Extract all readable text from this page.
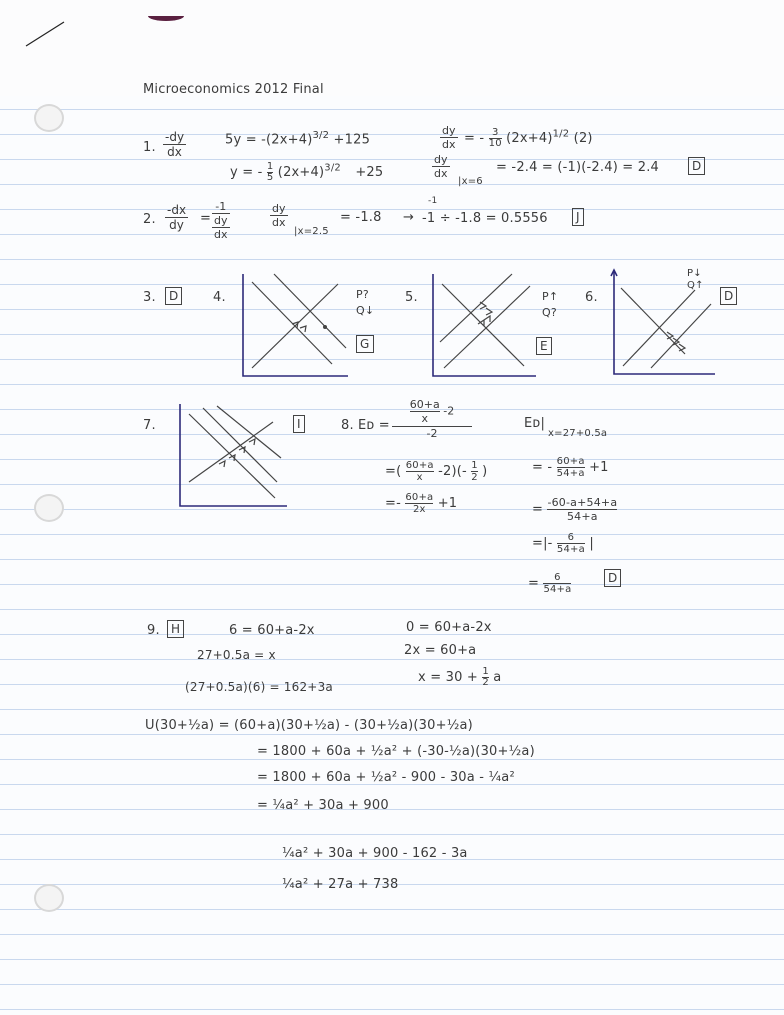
Microeconomics 2012 Final
1. $\frac{-dy}{dx}$	$5y = -(2x+4)^{3/2} +125$
y = - $\frac{1}{5} (2x+4)^{3/2} +25$
$\frac{dy}{dx}$ = - $\frac{3}{10} (2x+4)^{1/2}$ (2)
$\frac{dy}{dx}$
|x=6
= -2.4 = (-1)(-2.4) = 2.4	D
2. $\frac{-dx}{dy}$ =
-1
dy
dx
$\frac{dy}{dx}$
|x=2.5
= -1.8 →
-1
-1 ÷ -1.8 = 0.5556	J
3.	D	4.	P?
Q↓
G
5.	P↑
Q?
E
6.
P↓
Q↑
D
7.	I	8. Eᴅ = $\frac{\frac{60+a}{x} -2}{-2}$
=( $\frac{60+a}{x} -2)(- \frac{1}{2}$ )
=- $\frac{60+a}{2x} +1$
Eᴅ|
x=27+0.5a
= - $\frac{60+a}{54+a} +1$
= $\frac{-60-a+54+a}{54+a}$
=|- $\frac{6}{54+a}$ |
= $\frac{6}{54+a}$	D
9. H	6 = 60+a-2x
27+0.5a = x
(27+0.5a)(6) = 162+3a
0 = 60+a-2x
2x = 60+a
$x = 30 + \frac{1}{2}$ a
U(30+½a) = (60+a)(30+½a) - (30+½a)(30+½a)
= 1800 + 60a + ½a² + (-30-½a)(30+½a)
= 1800 + 60a + ½a² - 900 - 30a - ¼a²
= ¼a² + 30a + 900
¼a² + 30a + 900 - 162 - 3a
¼a² + 27a + 738
